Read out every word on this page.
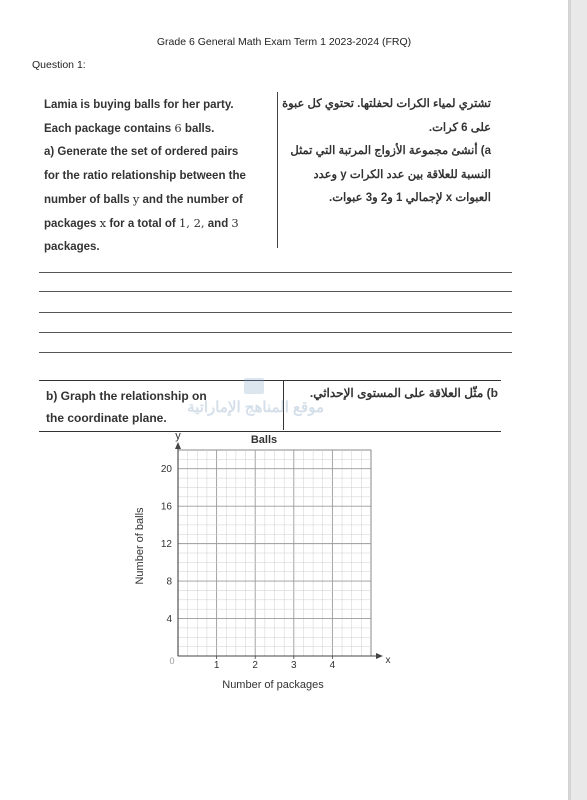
Grade 6 General Math Exam Term 1 2023-2024 (FRQ)
Question 1:
Lamia is buying balls for her party.
Each package contains 6 balls.
a) Generate the set of ordered pairs
for the ratio relationship between the
number of balls y and the number of
packages x for a total of 1, 2, and 3
packages.
تشتري لمياء الكرات لحفلتها. تحتوي كل عبوة
على 6 كرات.
a) أنشئ مجموعة الأزواج المرتبة التي تمثل
النسبة للعلاقة بين عدد الكرات y وعدد
العبوات x لإجمالي 1 و2 و3 عبوات.
b) Graph the relationship on
the coordinate plane.
b) مثّل العلاقة على المستوى الإحداثي.
موقع المناهج الإماراتية
1	2	3	4
4
8
12
16
20
Balls
y
x
0
Number of balls
Number of packages
